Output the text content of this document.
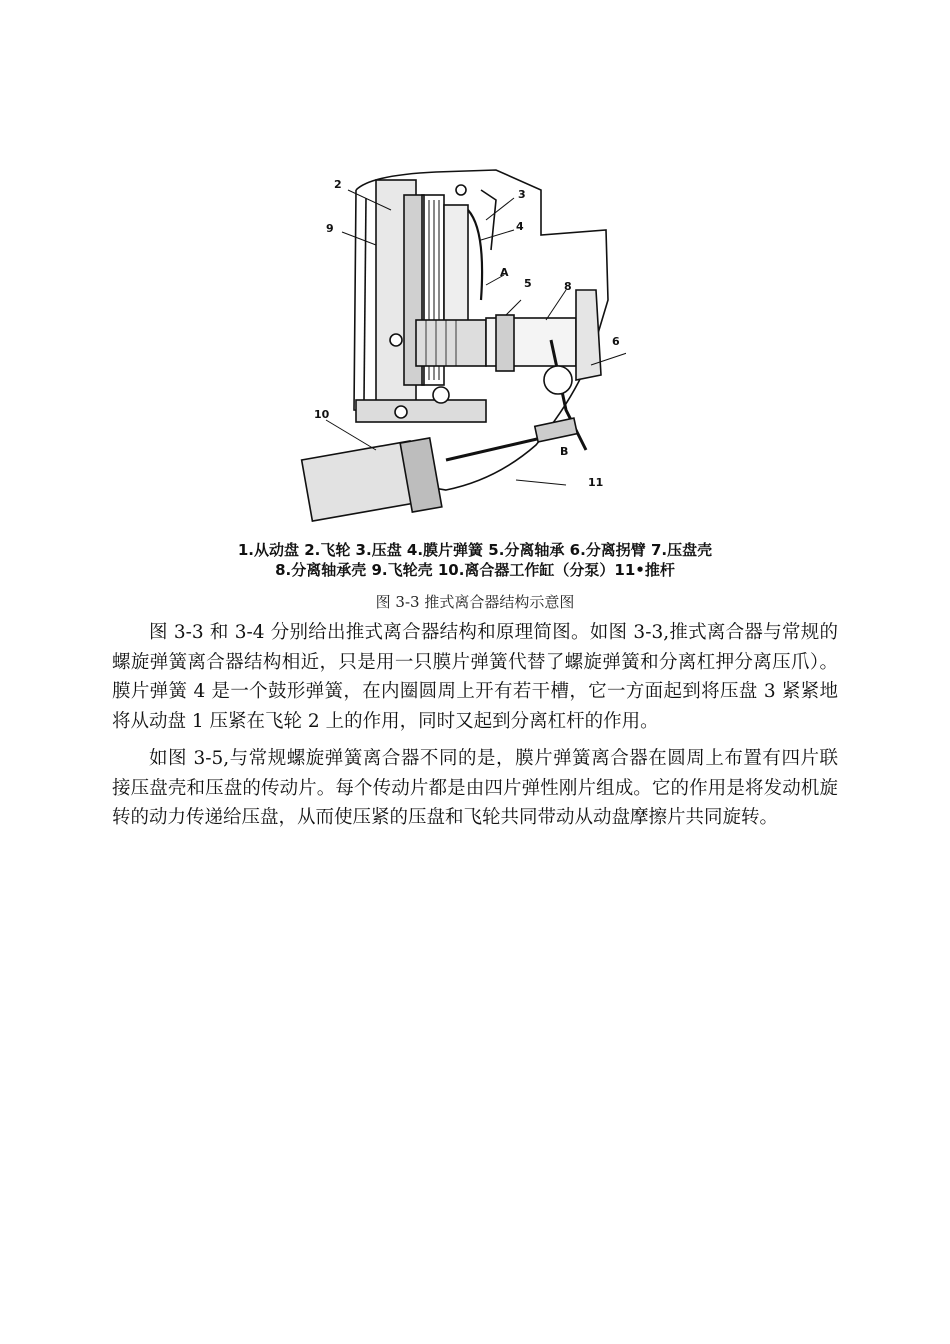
2
9
3
4
A
5	8
6
10
B
11
1.从动盘 2.飞轮 3.压盘 4.膜片弹簧 5.分离轴承 6.分离拐臂 7.压盘壳
8.分离轴承壳 9.飞轮壳 10.离合器工作缸（分泵）11•推杆
图 3-3 推式离合器结构示意图

图 3-3 和 3-4 分别给出推式离合器结构和原理简图。如图 3-3,推式离合器与常规的螺旋弹簧离合器结构相近，只是用一只膜片弹簧代替了螺旋弹簧和分离杠押分离压爪）。膜片弹簧 4 是一个鼓形弹簧，在内圈圆周上开有若干槽，它一方面起到将压盘 3 紧紧地将从动盘 1 压紧在飞轮 2 上的作用，同时又起到分离杠杆的作用。

如图 3-5,与常规螺旋弹簧离合器不同的是，膜片弹簧离合器在圆周上布置有四片联接压盘壳和压盘的传动片。每个传动片都是由四片弹性刚片组成。它的作用是将发动机旋转的动力传递给压盘，从而使压紧的压盘和飞轮共同带动从动盘摩擦片共同旋转。
